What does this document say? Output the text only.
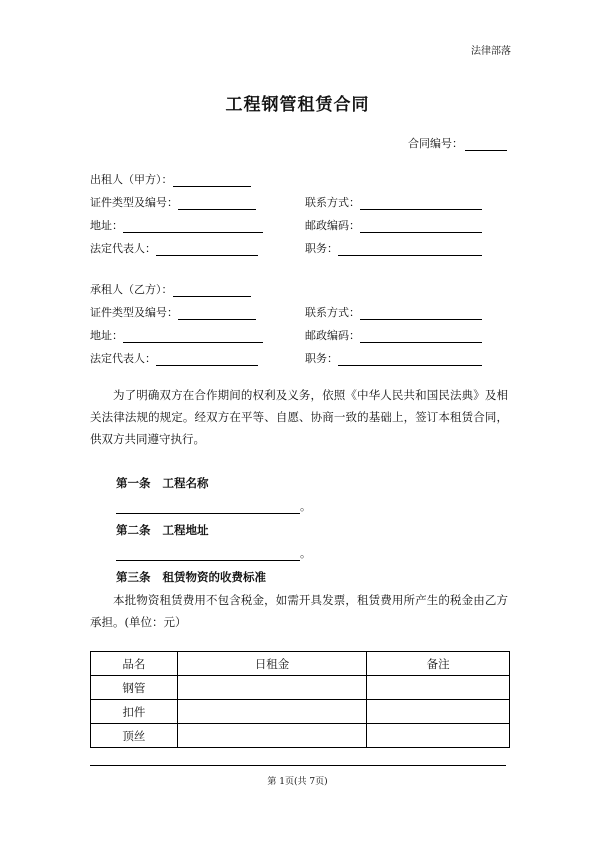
法律部落
工程钢管租赁合同
合同编号：
出租人（甲方）：
证件类型及编号：	联系方式：
地址：	邮政编码：
法定代表人：	职务：
承租人（乙方）：
证件类型及编号：	联系方式：
地址：	邮政编码：
法定代表人：	职务：
为了明确双方在合作期间的权利及义务，依照《中华人民共和国民法典》及相关法律法规的规定。经双方在平等、自愿、协商一致的基础上，签订本租赁合同，供双方共同遵守执行。
第一条 工程名称
。
第二条 工程地址
。
第三条 租赁物资的收费标准
本批物资租赁费用不包含税金，如需开具发票，租赁费用所产生的税金由乙方承担。(单位：元）
品名	日租金	备注
钢管		
扣件		
顶丝		
第 1页(共 7页)
